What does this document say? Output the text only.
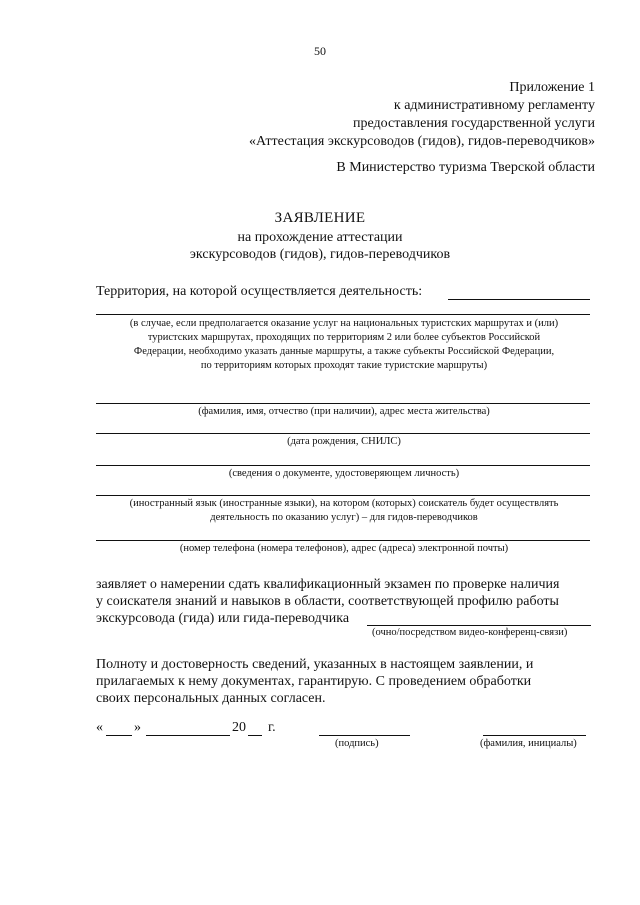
50
Приложение 1
к административному регламенту
предоставления государственной услуги
«Аттестация экскурсоводов (гидов), гидов-переводчиков»
В Министерство туризма Тверской области
ЗАЯВЛЕНИЕ
на прохождение аттестации
экскурсоводов (гидов), гидов-переводчиков
Территория, на которой осуществляется деятельность:
(в случае, если предполагается оказание услуг на национальных туристских маршрутах и (или)
туристских маршрутах, проходящих по территориям 2 или более субъектов Российской
Федерации, необходимо указать данные маршруты, а также субъекты Российской Федерации,
по территориям которых проходят такие туристские маршруты)
(фамилия, имя, отчество (при наличии), адрес места жительства)
(дата рождения, СНИЛС)
(сведения о документе, удостоверяющем личность)
(иностранный язык (иностранные языки), на котором (которых) соискатель будет осуществлять
деятельность по оказанию услуг) – для гидов-переводчиков
(номер телефона (номера телефонов), адрес (адреса) электронной почты)
заявляет о намерении сдать квалификационный экзамен по проверке наличия
у соискателя знаний и навыков в области, соответствующей профилю работы
экскурсовода (гида) или гида-переводчика
(очно/посредством видео-конференц-связи)
Полноту и достоверность сведений, указанных в настоящем заявлении, и
прилагаемых к нему документах, гарантирую. С проведением обработки
своих персональных данных согласен.
« »	20 г.
(подпись)	(фамилия, инициалы)
